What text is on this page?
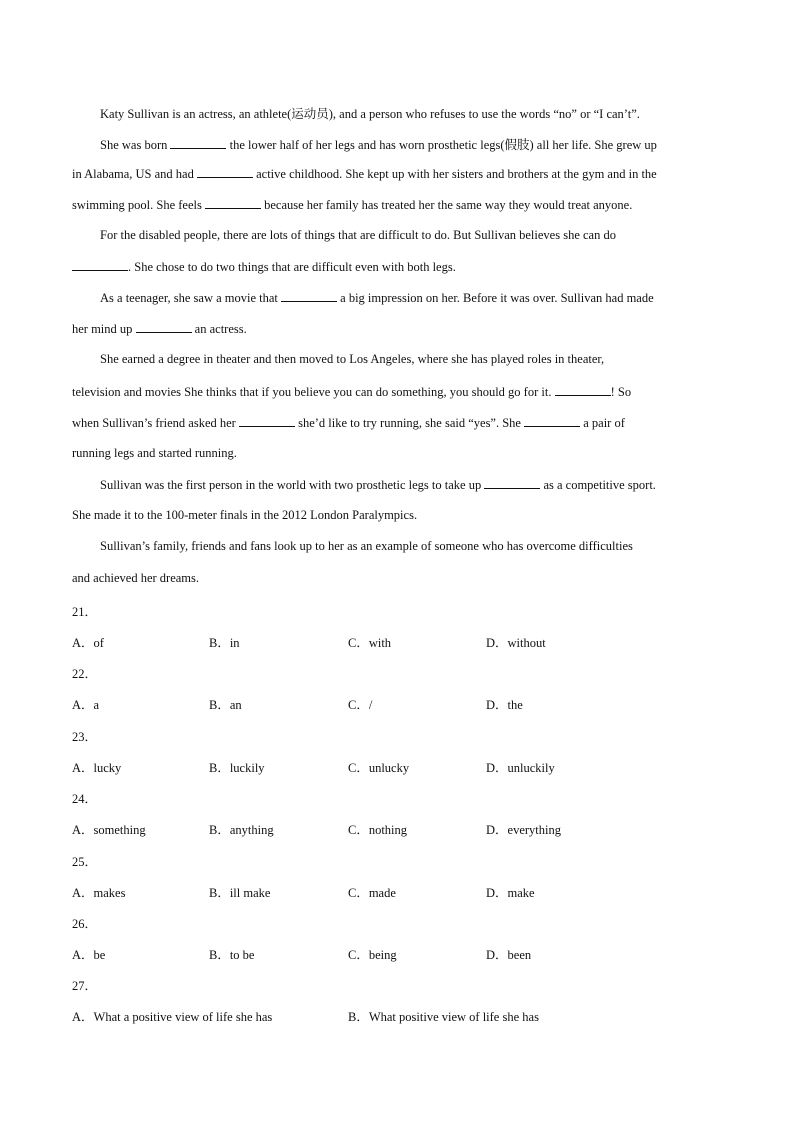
Katy Sullivan is an actress, an athlete(运动员), and a person who refuses to use the words “no” or “I can’t”.
She was born	the lower half of her legs and has worn prosthetic legs(假肢) all her life. She grew up
in Alabama, US and had	active childhood. She kept up with her sisters and brothers at the gym and in the
swimming pool. She feels	because her family has treated her the same way they would treat anyone.
For the disabled people, there are lots of things that are difficult to do. But Sullivan believes she can do
. She chose to do two things that are difficult even with both legs.
As a teenager, she saw a movie that	a big impression on her. Before it was over. Sullivan had made
her mind up	an actress.
She earned a degree in theater and then moved to Los Angeles, where she has played roles in theater,
television and movies She thinks that if you believe you can do something, you should go for it.	! So
when Sullivan’s friend asked her	she’d like to try running, she said “yes”. She	a pair of
running legs and started running.
Sullivan was the first person in the world with two prosthetic legs to take up	as a competitive sport.
She made it to the 100-meter finals in the 2012 London Paralympics.
Sullivan’s family, friends and fans look up to her as an example of someone who has overcome difficulties
and achieved her dreams.
21．
A．of	B．in	C．with	D．without
22．
A．a	B．an	C．/	D．the
23．
A．lucky	B．luckily	C．unlucky	D．unluckily
24．
A．something	B．anything	C．nothing	D．everything
25．
A．makes	B．ill make	C．made	D．make
26．
A．be	B．to be	C．being	D．been
27．
A．What a positive view of life she has	B．What positive view of life she has
